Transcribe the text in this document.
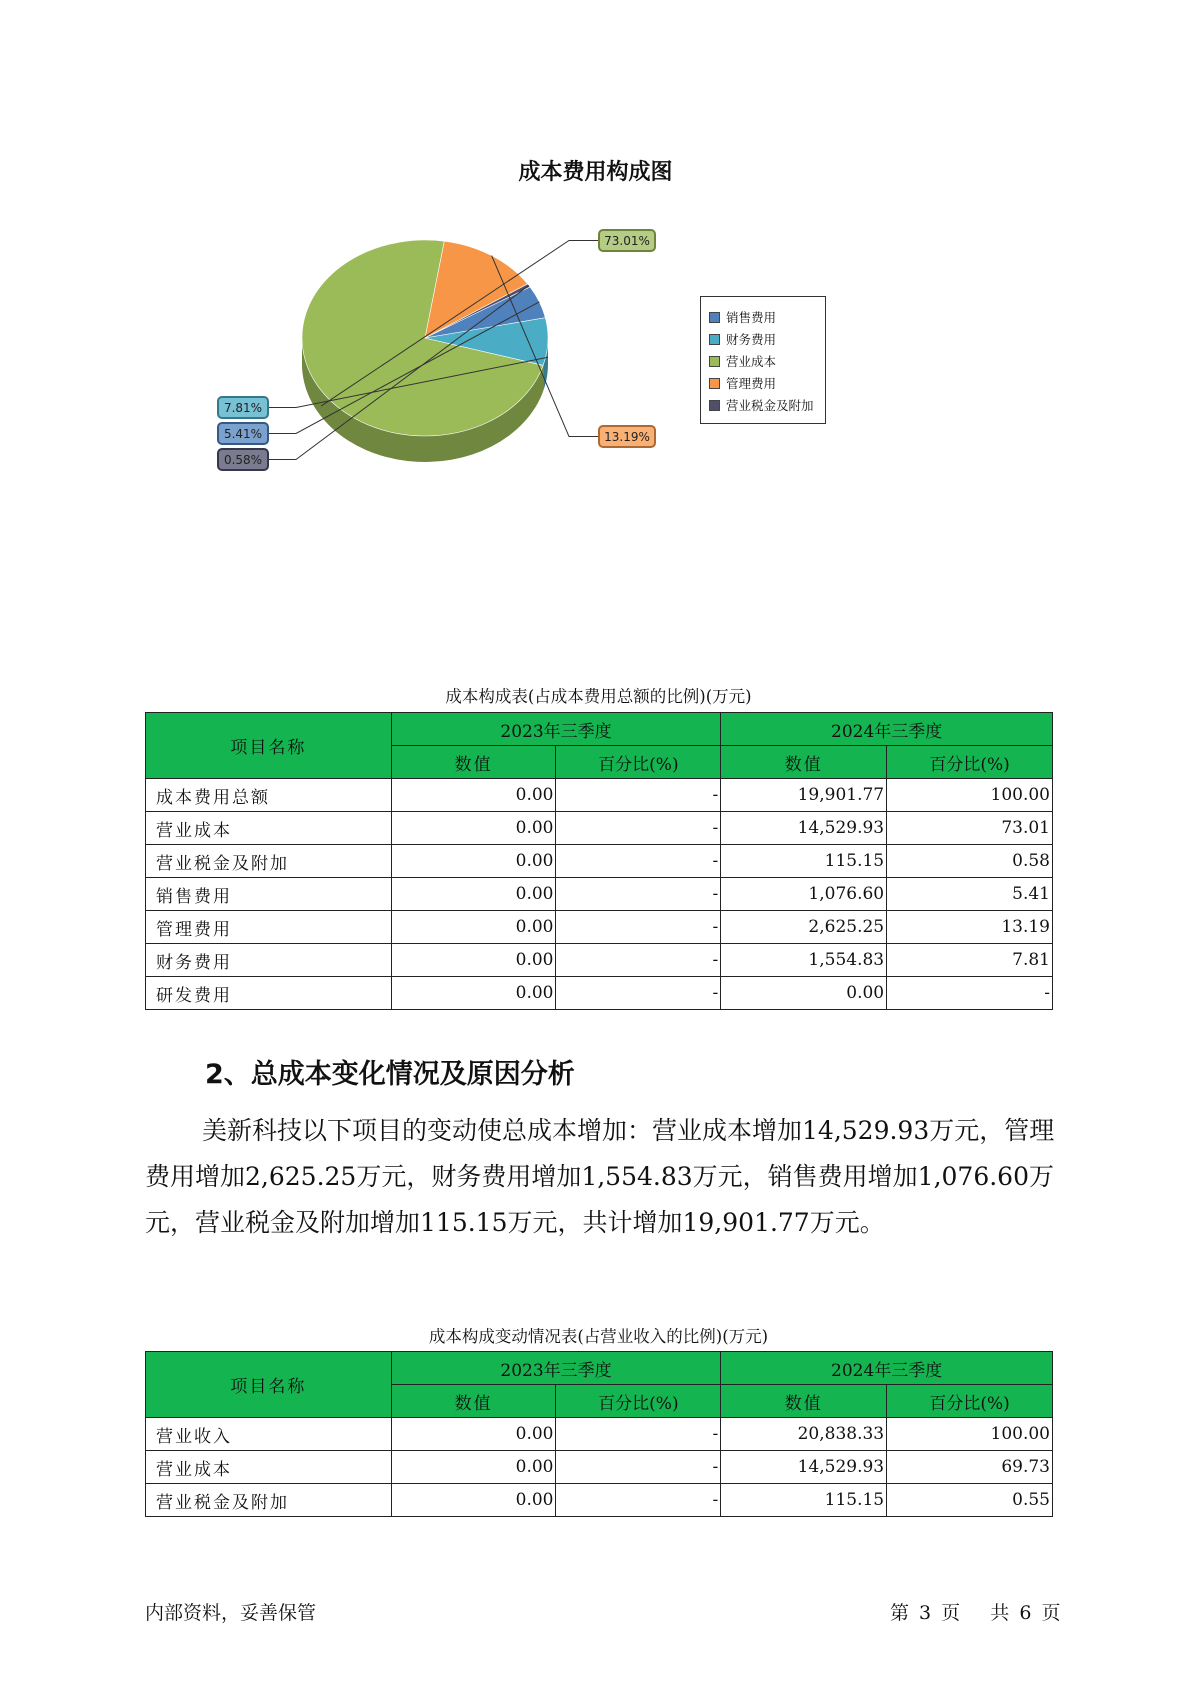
成本费用构成图
73.01%
13.19%
0.58%
5.41%
7.81%
销售费用
财务费用
营业成本
管理费用
营业税金及附加
成本构成表(占成本费用总额的比例)(万元)
项目名称	2023年三季度		2024年三季度	
	数值	百分比(%)	数值	百分比(%)
成本费用总额	0.00	-	19,901.77	100.00
营业成本	0.00	-	14,529.93	73.01
营业税金及附加	0.00	-	115.15	0.58
销售费用	0.00	-	1,076.60	5.41
管理费用	0.00	-	2,625.25	13.19
财务费用	0.00	-	1,554.83	7.81
研发费用	0.00	-	0.00	-
2、总成本变化情况及原因分析
美新科技以下项目的变动使总成本增加：营业成本增加14,529.93万元，管理费用增加2,625.25万元，财务费用增加1,554.83万元，销售费用增加1,076.60万元，营业税金及附加增加115.15万元，共计增加19,901.77万元。
成本构成变动情况表(占营业收入的比例)(万元)
项目名称	2023年三季度		2024年三季度	
	数值	百分比(%)	数值	百分比(%)
营业收入	0.00	-	20,838.33	100.00
营业成本	0.00	-	14,529.93	69.73
营业税金及附加	0.00	-	115.15	0.55
内部资料，妥善保管	第 3 页   共 6 页
